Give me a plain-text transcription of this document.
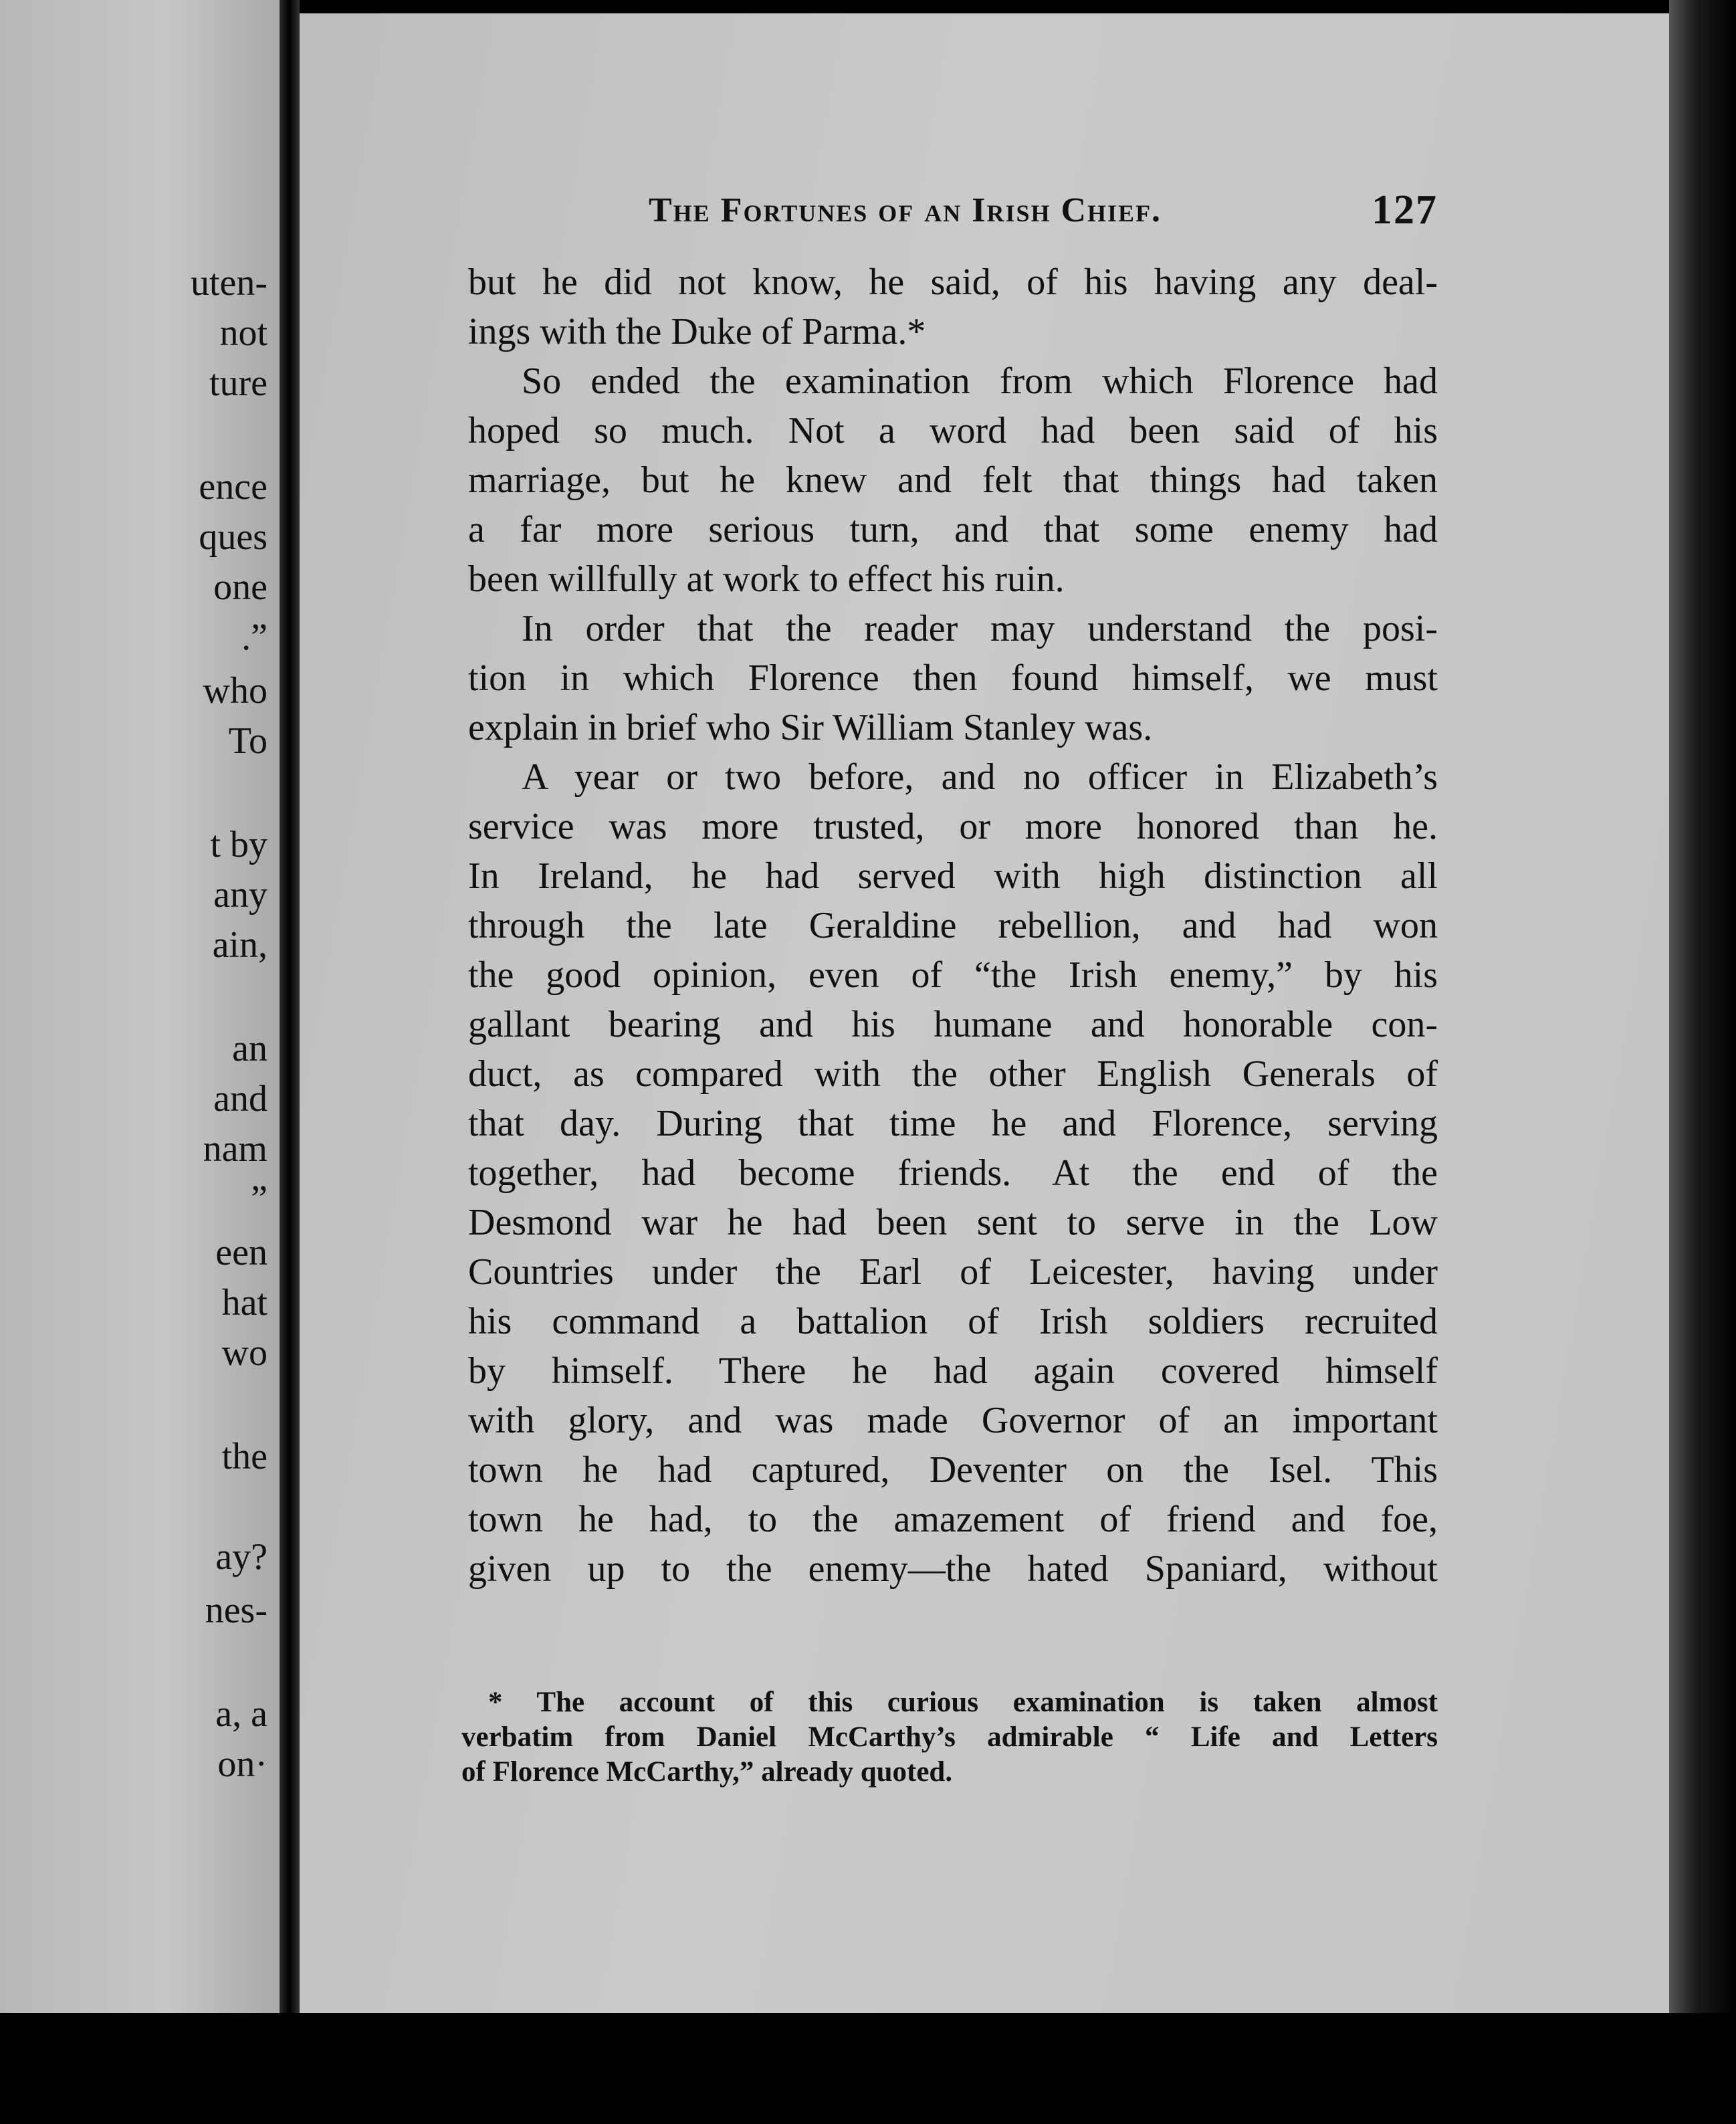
uten-
not
ture
ence
ques
one
.”
who
To
t by
any
ain,
an
and
nam
”
een
hat
wo
the
ay?
nes-
a, a
on·
The Fortunes of an Irish Chief.	127
but he did not know, he said, of his having any deal-
ings with the Duke of Parma.*
So ended the examination from which Florence had
hoped so much. Not a word had been said of his
marriage, but he knew and felt that things had taken
a far more serious turn, and that some enemy had
been willfully at work to effect his ruin.
In order that the reader may understand the posi-
tion in which Florence then found himself, we must
explain in brief who Sir William Stanley was.
A year or two before, and no officer in Elizabeth’s
service was more trusted, or more honored than he.
In Ireland, he had served with high distinction all
through the late Geraldine rebellion, and had won
the good opinion, even of “the Irish enemy,” by his
gallant bearing and his humane and honorable con-
duct, as compared with the other English Generals of
that day. During that time he and Florence, serving
together, had become friends. At the end of the
Desmond war he had been sent to serve in the Low
Countries under the Earl of Leicester, having under
his command a battalion of Irish soldiers recruited
by himself. There he had again covered himself
with glory, and was made Governor of an important
town he had captured, Deventer on the Isel. This
town he had, to the amazement of friend and foe,
given up to the enemy—the hated Spaniard, without
* The account of this curious examination is taken almost
verbatim from Daniel McCarthy’s admirable “ Life and Letters
of Florence McCarthy,” already quoted.
